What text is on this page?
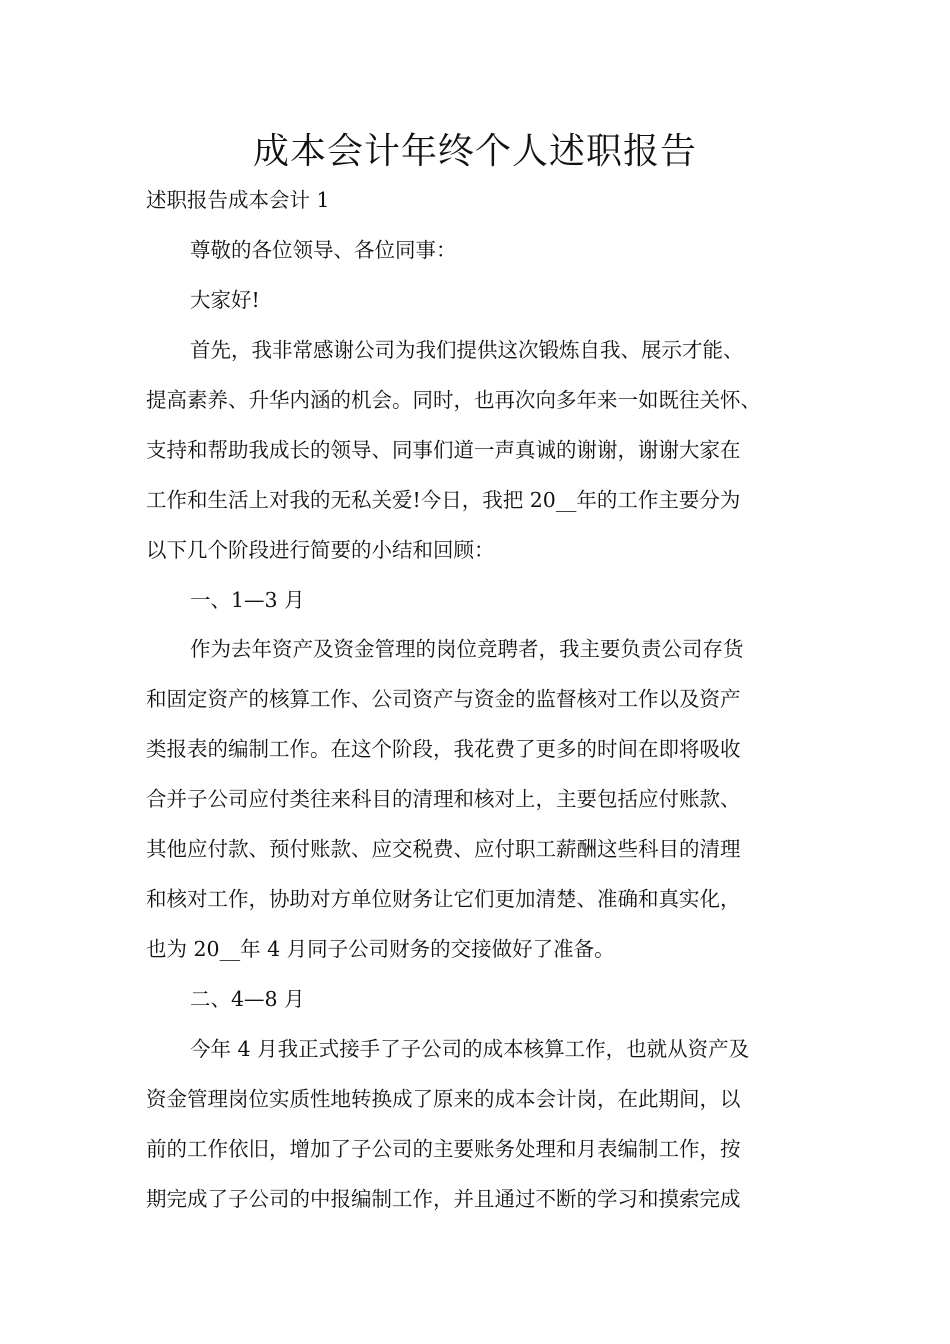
成本会计年终个人述职报告

述职报告成本会计 1

尊敬的各位领导、各位同事：

大家好!

首先，我非常感谢公司为我们提供这次锻炼自我、展示才能、

提高素养、升华内涵的机会。同时，也再次向多年来一如既往关怀、

支持和帮助我成长的领导、同事们道一声真诚的谢谢，谢谢大家在

工作和生活上对我的无私关爱!今日，我把 20__年的工作主要分为

以下几个阶段进行简要的小结和回顾：

一、1—3 月

作为去年资产及资金管理的岗位竞聘者，我主要负责公司存货

和固定资产的核算工作、公司资产与资金的监督核对工作以及资产

类报表的编制工作。在这个阶段，我花费了更多的时间在即将吸收

合并子公司应付类往来科目的清理和核对上，主要包括应付账款、

其他应付款、预付账款、应交税费、应付职工薪酬这些科目的清理

和核对工作，协助对方单位财务让它们更加清楚、准确和真实化，

也为 20__年 4 月同子公司财务的交接做好了准备。

二、4—8 月

今年 4 月我正式接手了子公司的成本核算工作，也就从资产及

资金管理岗位实质性地转换成了原来的成本会计岗，在此期间，以

前的工作依旧，增加了子公司的主要账务处理和月表编制工作，按

期完成了子公司的中报编制工作，并且通过不断的学习和摸索完成
